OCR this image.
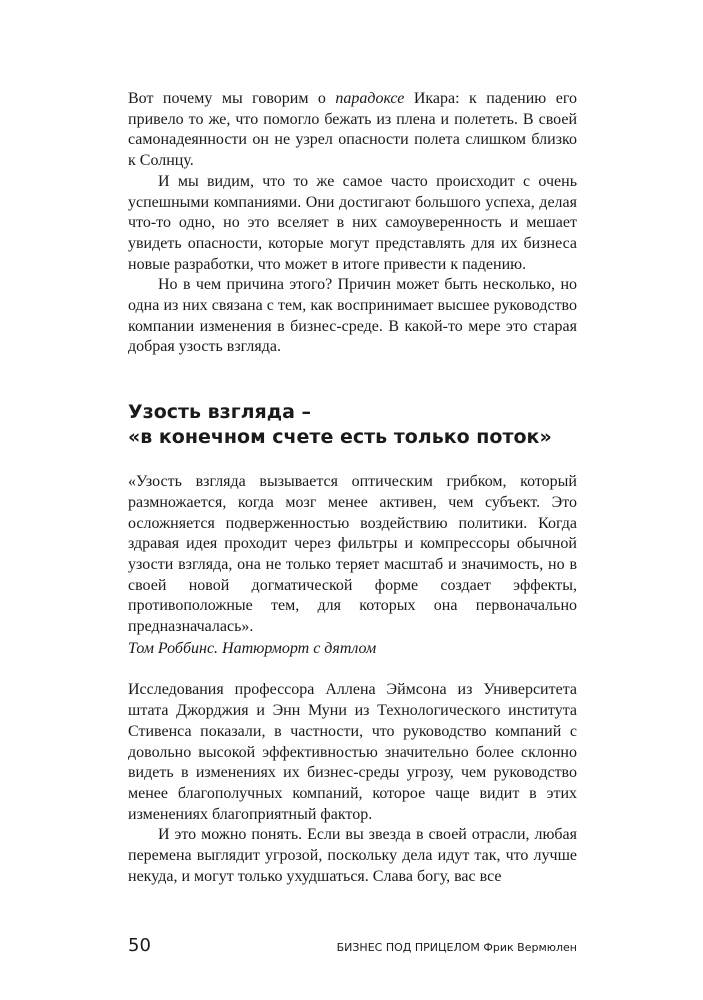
Вот почему мы говорим о парадоксе Икара: к падению его привело то же, что помогло бежать из плена и полететь. В своей самонадеянности он не узрел опасности полета слишком близко к Солнцу.

И мы видим, что то же самое часто происходит с очень успешными компаниями. Они достигают большого успеха, делая что-то одно, но это вселяет в них самоуверенность и мешает увидеть опасности, которые могут представлять для их бизнеса новые разработки, что может в итоге привести к падению.

Но в чем причина этого? Причин может быть несколько, но одна из них связана с тем, как воспринимает высшее руководство компании изменения в бизнес-среде. В какой-то мере это старая добрая узость взгляда.

Узость взгляда –
«в конечном счете есть только поток»

«Узость взгляда вызывается оптическим грибком, который размножается, когда мозг менее активен, чем субъект. Это осложняется подверженностью воздействию политики. Когда здравая идея проходит через фильтры и компрессоры обычной узости взгляда, она не только теряет масштаб и значимость, но в своей новой догматической форме создает эффекты, противоположные тем, для которых она первоначально предназначалась».

Том Роббинс. Натюрморт с дятлом

Исследования профессора Аллена Эймсона из Университета штата Джорджия и Энн Муни из Технологического института Стивенса показали, в частности, что руководство компаний с довольно высокой эффективностью значительно более склонно видеть в изменениях их бизнес-среды угрозу, чем руководство менее благополучных компаний, которое чаще видит в этих изменениях благоприятный фактор.

И это можно понять. Если вы звезда в своей отрасли, любая перемена выглядит угрозой, поскольку дела идут так, что лучше некуда, и могут только ухудшаться. Слава богу, вас все

50	БИЗНЕС ПОД ПРИЦЕЛОМ Фрик Вермюлен
